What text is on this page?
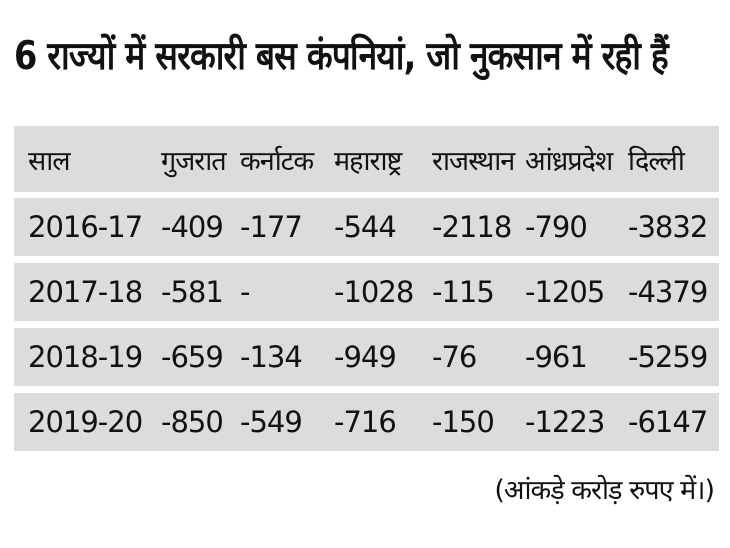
6 राज्यों में सरकारी बस कंपनियां, जो नुकसान में रही हैं
साल	गुजरात कर्नाटक महाराष्ट्र राजस्थान आंध्रप्रदेश दिल्ली
2016-17 -409 -177 -544 -2118 -790 -3832
2017-18 -581 -	-1028 -115 -1205 -4379
2018-19 -659 -134 -949 -76 -961 -5259
2019-20 -850 -549 -716 -150 -1223 -6147
(आंकड़े करोड़ रुपए में।)
